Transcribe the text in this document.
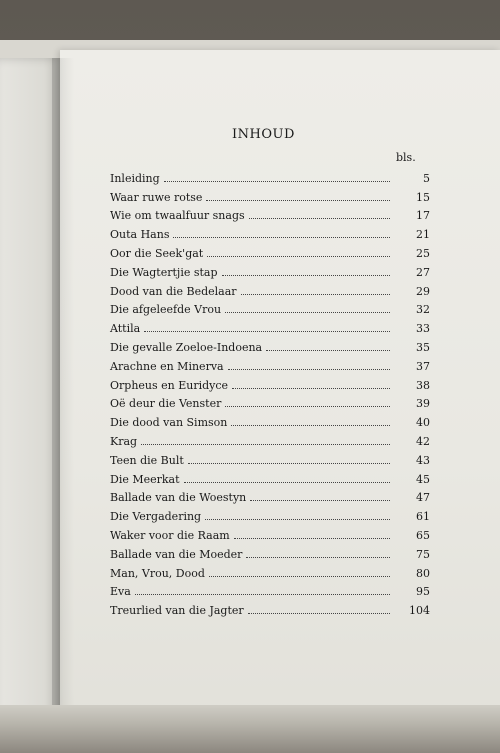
INHOUD
bls.
Inleiding	5
Waar ruwe rotse	15
Wie om twaalfuur snags	17
Outa Hans	21
Oor die Seek'gat	25
Die Wagtertjie stap	27
Dood van die Bedelaar	29
Die afgeleefde Vrou	32
Attila	33
Die gevalle Zoeloe-Indoena	35
Arachne en Minerva	37
Orpheus en Euridyce	38
Oë deur die Venster	39
Die dood van Simson	40
Krag	42
Teen die Bult	43
Die Meerkat	45
Ballade van die Woestyn	47
Die Vergadering	61
Waker voor die Raam	65
Ballade van die Moeder	75
Man, Vrou, Dood	80
Eva	95
Treurlied van die Jagter	104
